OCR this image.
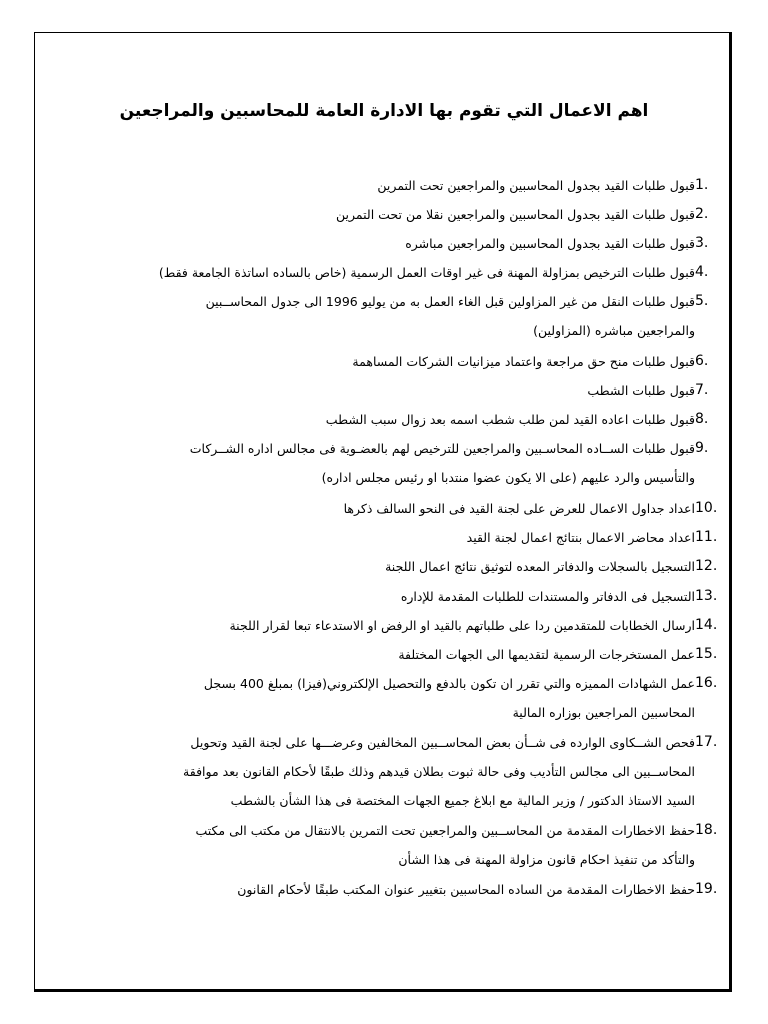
اهم الاعمال التي تقوم بها الادارة العامة للمحاسبين والمراجعين
1.
قبول طلبات القيد بجدول المحاسبين والمراجعين تحت التمرين
2.
قبول طلبات القيد بجدول المحاسبين والمراجعين نقلا من تحت التمرين
3.
قبول طلبات القيد بجدول المحاسبين والمراجعين مباشره
4.
قبول طلبات الترخيص بمزاولة المهنة فى غير اوقات العمل الرسمية (خاص بالساده اساتذة الجامعة فقط)
5.
قبول طلبات النقل من غير المزاولين قبل الغاء العمل به من يوليو 1996 الى جدول المحاســبين
والمراجعين مباشره (المزاولين)
6.
قبول طلبات منح حق مراجعة واعتماد ميزانيات الشركات المساهمة
7.
قبول طلبات الشطب
8.
قبول طلبات اعاده القيد لمن طلب شطب اسمه بعد زوال سبب الشطب
9.
قبول طلبات الســاده المحاسـبين والمراجعين للترخيص لهم بالعضـوية فى مجالس اداره الشــركات
والتأسيس والرد عليهم (على الا يكون عضوا منتدبا او رئيس مجلس اداره)
10.
اعداد جداول الاعمال للعرض على لجنة القيد فى النحو السالف ذكرها
11.
اعداد محاضر الاعمال بنتائج اعمال لجنة القيد
12.
التسجيل بالسجلات والدفاتر المعده لتوثيق نتائج اعمال اللجنة
13.
التسجيل فى الدفاتر والمستندات للطلبات المقدمة للإداره
14.
ارسال الخطابات للمتقدمين ردا على طلباتهم بالقيد او الرفض او الاستدعاء تبعا لقرار اللجنة
15.
عمل المستخرجات الرسمية لتقديمها الى الجهات المختلفة
16.
عمل الشهادات المميزه والتي تقرر ان تكون بالدفع والتحصيل الإلكتروني(فيزا) بمبلغ 400 بسجل
المحاسبين المراجعين بوزاره المالية
17.
فحص الشــكاوى الوارده فى شــأن بعض المحاســبين المخالفين وعرضـــها على لجنة القيد وتحويل
المحاســبين الى مجالس التأديب وفى حالة ثبوت بطلان قيدهم وذلك طبقًا لأحكام القانون بعد موافقة
السيد الاستاذ الدكتور / وزير المالية مع ابلاغ جميع الجهات المختصة فى هذا الشأن بالشطب
18.
حفظ الاخطارات المقدمة من المحاســبين والمراجعين تحت التمرين بالانتقال من مكتب الى مكتب
والتأكد من تنفيذ احكام قانون مزاولة المهنة فى هذا الشأن
19.
حفظ الاخطارات المقدمة من الساده المحاسبين بتغيير عنوان المكتب طبقًا لأحكام القانون
